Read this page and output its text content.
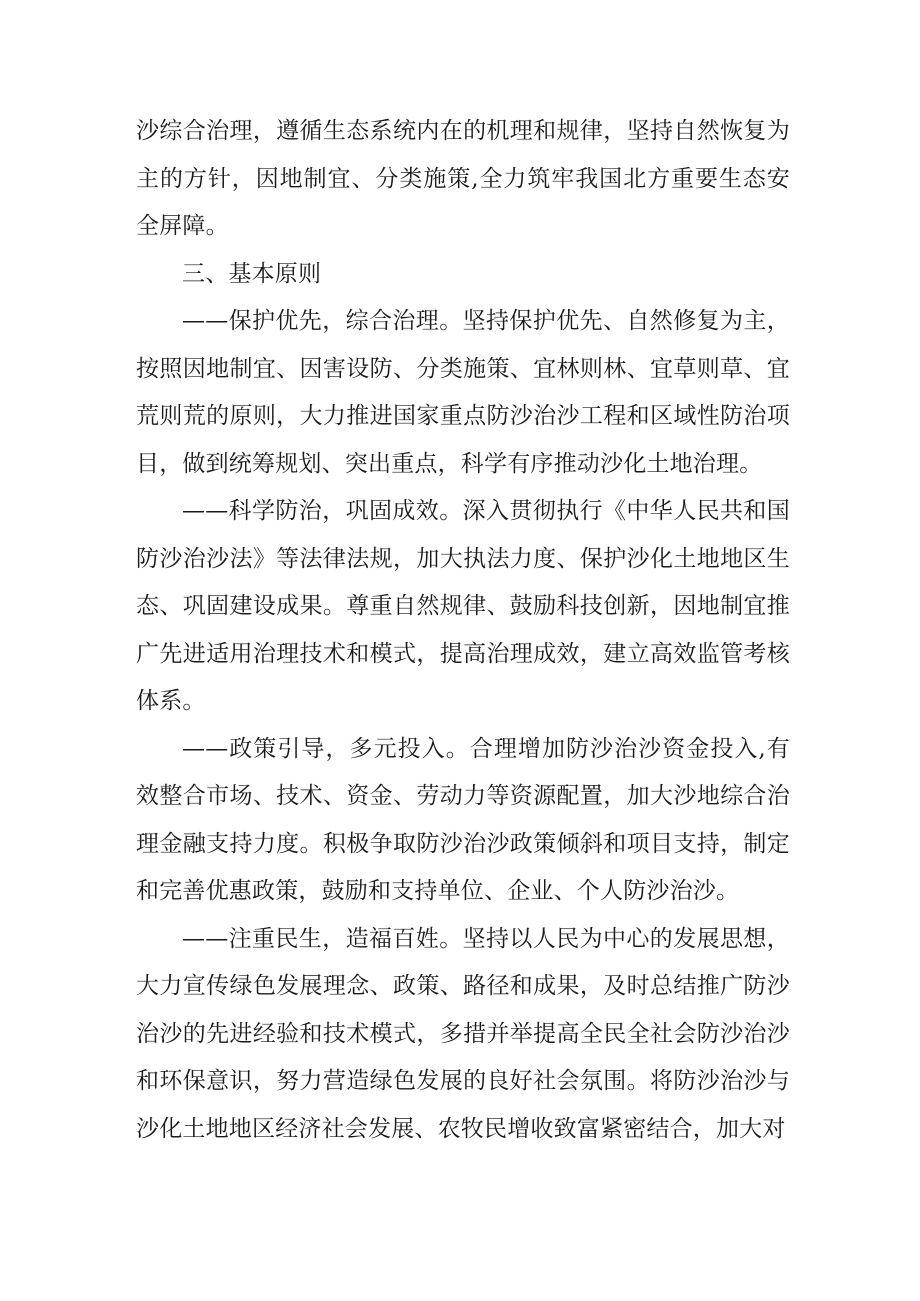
沙综合治理，遵循生态系统内在的机理和规律，坚持自然恢复为主的方针，因地制宜、分类施策,全力筑牢我国北方重要生态安全屏障。

三、基本原则

——保护优先，综合治理。坚持保护优先、自然修复为主，按照因地制宜、因害设防、分类施策、宜林则林、宜草则草、宜荒则荒的原则，大力推进国家重点防沙治沙工程和区域性防治项目，做到统筹规划、突出重点，科学有序推动沙化土地治理。

——科学防治，巩固成效。深入贯彻执行《中华人民共和国防沙治沙法》等法律法规，加大执法力度、保护沙化土地地区生态、巩固建设成果。尊重自然规律、鼓励科技创新，因地制宜推广先进适用治理技术和模式，提高治理成效，建立高效监管考核体系。

——政策引导，多元投入。合理增加防沙治沙资金投入,有效整合市场、技术、资金、劳动力等资源配置，加大沙地综合治理金融支持力度。积极争取防沙治沙政策倾斜和项目支持，制定和完善优惠政策，鼓励和支持单位、企业、个人防沙治沙。

——注重民生，造福百姓。坚持以人民为中心的发展思想，大力宣传绿色发展理念、政策、路径和成果，及时总结推广防沙治沙的先进经验和技术模式，多措并举提高全民全社会防沙治沙和环保意识，努力营造绿色发展的良好社会氛围。将防沙治沙与沙化土地地区经济社会发展、农牧民增收致富紧密结合，加大对
